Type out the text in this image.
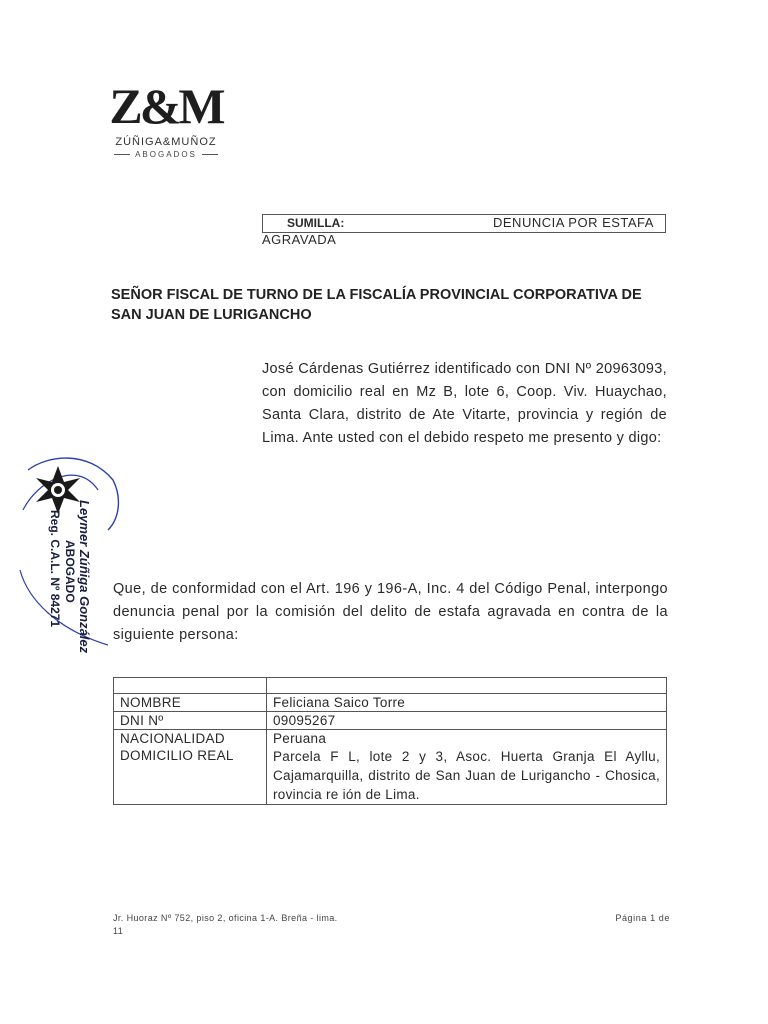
Z&M
ZÚÑIGA&MUÑOZ
ABOGADOS
Leymer Zúñiga González
ABOGADO
Reg. C.A.L. Nº 84271
SUMILLA:	DENUNCIA POR ESTAFA
AGRAVADA
SEÑOR FISCAL DE TURNO DE LA FISCALÍA PROVINCIAL CORPORATIVA DE SAN JUAN DE LURIGANCHO
José Cárdenas Gutiérrez identificado con DNI Nº 20963093, con domicilio real en Mz B, lote 6, Coop. Viv. Huaychao, Santa Clara, distrito de Ate Vitarte, provincia y región de Lima. Ante usted con el debido respeto me presento y digo:
Que, de conformidad con el Art. 196 y 196-A, Inc. 4 del Código Penal, interpongo denuncia penal por la comisión del delito de estafa agravada en contra de la siguiente persona:

NOMBRE	Feliciana Saico Torre
DNI Nº	09095267
NACIONALIDAD	Peruana
DOMICILIO REAL	Parcela F L, lote 2 y 3, Asoc. Huerta Granja El Ayllu, Cajamarquilla, distrito de San Juan de Lurigancho - Chosica, rovincia re ión de Lima.
Jr. Huoraz Nº 752, piso 2, oficina 1-A. Breña - lima.	Página 1 de
11
